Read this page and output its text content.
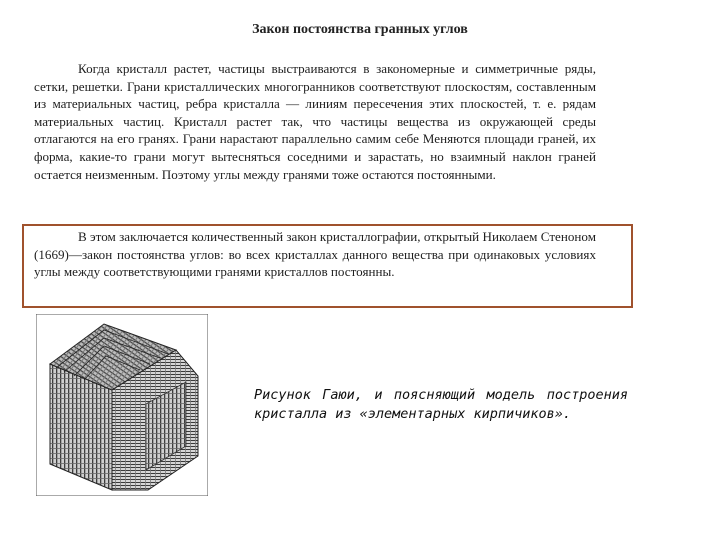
Закон постоянства гранных углов

Когда кристалл растет, частицы выстраиваются в закономерные и симметричные ряды, сетки, решетки. Грани кристаллических многогранников соответствуют плоскостям, составленным из материальных частиц, ребра кристалла — линиям пересечения этих плоскостей, т. е. рядам материальных частиц. Кристалл растет так, что частицы вещества из окружающей среды отлагаются на его гранях. Грани нарастают параллельно самим себе Меняются площади граней, их форма, какие-то грани могут вытесняться соседними и зарастать, но взаимный наклон граней остается неизменным. Поэтому углы между гранями тоже остаются постоянными.

В этом заключается количественный закон кристаллографии, открытый Николаем Стеноном (1669)—закон постоянства углов: во всех кристаллах данного вещества при одинаковых условиях углы между соответствующими гранями кристаллов постоянны.

Рисунок Гаюи, и поясняющий модель построения кристалла из «элементарных кирпичиков».
